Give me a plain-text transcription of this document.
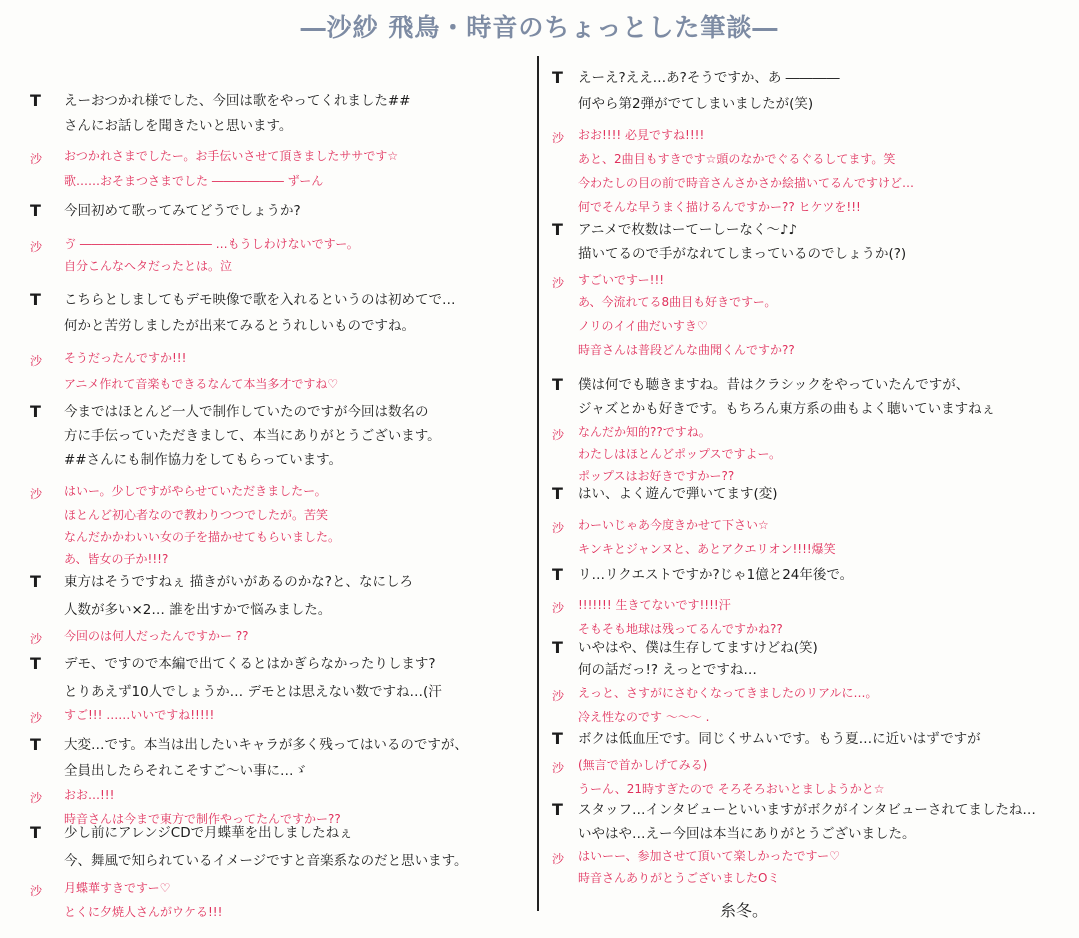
―沙紗 飛鳥・時音のちょっとした筆談―
T えーおつかれ様でした、今回は歌をやってくれました##
さんにお話しを聞きたいと思います。
沙 おつかれさまでしたー。お手伝いさせて頂きましたササです☆
歌……おそまつさまでした ―――――― ずーん
T 今回初めて歌ってみてどうでしょうか?
沙 ゔ ――――――――――― …もうしわけないですー。
自分こんなへタだったとは。泣
T こちらとしましてもデモ映像で歌を入れるというのは初めてで…
何かと苦労しましたが出来てみるとうれしいものですね。
沙 そうだったんですか!!!
アニメ作れて音楽もできるなんて本当多才ですね♡
T 今まではほとんど一人で制作していたのですが今回は数名の
方に手伝っていただきまして、本当にありがとうございます。
##さんにも制作協力をしてもらっています。
沙 はいー。少しですがやらせていただきましたー。
ほとんど初心者なので教わりつつでしたが。苦笑
なんだかかわいい女の子を描かせてもらいました。
あ、皆女の子か!!!?
T 東方はそうですねぇ 描きがいがあるのかな?と、なにしろ
人数が多い×2… 誰を出すかで悩みました。
沙 今回のは何人だったんですかー ??
T デモ、ですので本編で出てくるとはかぎらなかったりします?
とりあえず10人でしょうか… デモとは思えない数ですね…(汗
沙 すご!!! ……いいですね!!!!!
T 大変…です。本当は出したいキャラが多く残ってはいるのですが、
全員出したらそれこそすご～い事に…ゞ
沙 おお…!!!
時音さんは今まで東方で制作やってたんですかー??
T 少し前にアレンジCDで月蝶華を出しましたねぇ
今、舞風で知られているイメージですと音楽系なのだと思います。
沙 月蝶華すきですー♡
とくに夕焼人さんがウケる!!!
T えーえ?ええ…あ?そうですか、あ ――――
何やら第2弾がでてしまいましたが(笑)
沙 おお!!!! 必見ですね!!!!
あと、2曲目もすきです☆頭のなかでぐるぐるしてます。笑
今わたしの目の前で時音さんさかさか絵描いてるんですけど…
何でそんな早うまく描けるんですかー?? ヒケツを!!!
T アニメで枚数はーてーしーなく～♪♪
描いてるので手がなれてしまっているのでしょうか(?)
沙 すごいですー!!!
あ、今流れてる8曲目も好きですー。
ノリのイイ曲だいすき♡
時音さんは普段どんな曲聞くんですか??
T 僕は何でも聴きますね。昔はクラシックをやっていたんですが、
ジャズとかも好きです。もちろん東方系の曲もよく聴いていますねぇ
沙 なんだか知的??ですね。
わたしはほとんどポップスですよー。
ポップスはお好きですかー??
T はい、よく遊んで弾いてます(変)
沙 わーいじゃあ今度きかせて下さい☆
キンキとジャンヌと、あとアクエリオン!!!!爆笑
T リ…リクエストですか?じゃ1億と24年後で。
沙 !!!!!!! 生きてないです!!!!汗
そもそも地球は残ってるんですかね??
T いやはや、僕は生存してますけどね(笑)
何の話だっ!? えっとですね…
沙 えっと、さすがにさむくなってきましたのリアルに…。
冷え性なのです ～～～ .
T ボクは低血圧です。同じくサムいです。もう夏…に近いはずですが
沙 (無言で首かしげてみる)
うーん、21時すぎたので そろそろおいとましようかと☆
T スタッフ…インタビューといいますがボクがインタビューされてましたね…
いやはや…えー今回は本当にありがとうございました。
沙 はいーー、参加させて頂いて楽しかったですー♡
時音さんありがとうございましたOミ
糸冬。
